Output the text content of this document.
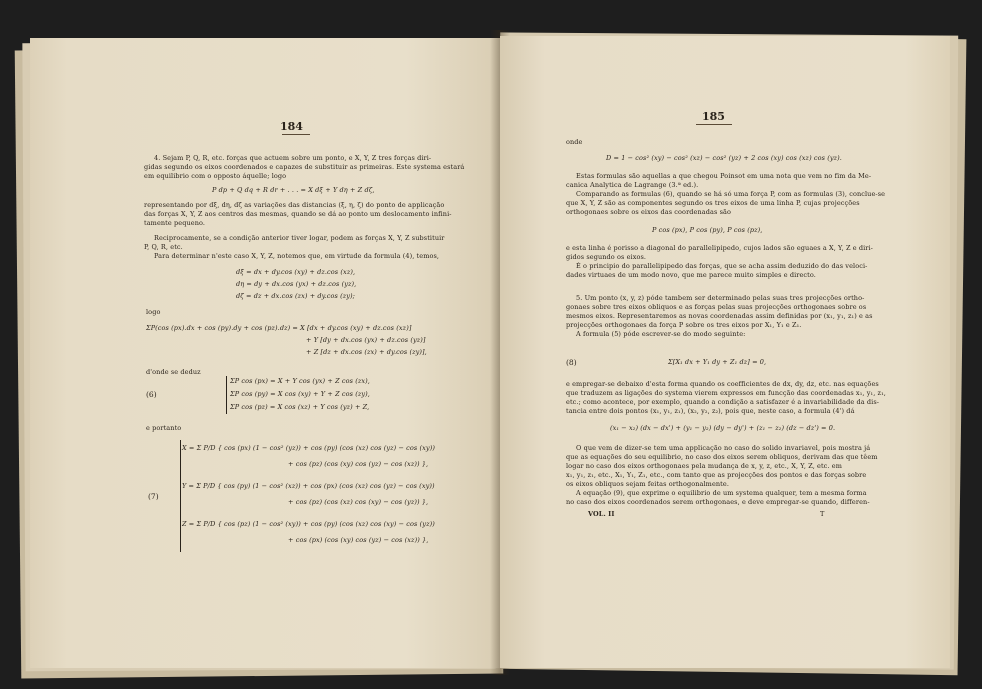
184
4. Sejam P, Q, R, etc. forças que actuem sobre um ponto, e X, Y, Z tres forças diri-
gidas segundo os eixos coordenados e capazes de substituir as primeiras. Este systema estará
em equilibrio com o opposto áquelle; logo
P dp + Q dq + R dr + . . . = X dξ + Y dη + Z dζ,
representando por dξ, dη, dζ as variações das distancias (ξ, η, ζ) do ponto de applicação
das forças X, Y, Z aos centros das mesmas, quando se dá ao ponto um deslocamento infini-
tamente pequeno.
Reciprocamente, se a condição anterior tiver logar, podem as forças X, Y, Z substituir
P, Q, R, etc.
Para determinar n'este caso X, Y, Z, notemos que, em virtude da formula (4), temos,
dξ = dx + dy.cos (xy) + dz.cos (xz),
dη = dy + dx.cos (yx) + dz.cos (yz),
dζ = dz + dx.cos (zx) + dy.cos (zy);
logo
ΣP(cos (px).dx + cos (py).dy + cos (pz).dz) = X [dx + dy.cos (xy) + dz.cos (xz)]
+ Y [dy + dx.cos (yx) + dz.cos (yz)]
+ Z [dz + dx.cos (zx) + dy.cos (zy)],
d'onde se deduz
(6)
ΣP cos (px) = X + Y cos (yx) + Z cos (zx),
ΣP cos (py) = X cos (xy) + Y + Z cos (zy),
ΣP cos (pz) = X cos (xz) + Y cos (yz) + Z,
e portanto
(7)
X = Σ P/D { cos (px) (1 − cos² (yz)) + cos (py) (cos (xz) cos (yz) − cos (xy))
+ cos (pz) (cos (xy) cos (yz) − cos (xz)) },
Y = Σ P/D { cos (py) (1 − cos² (xz)) + cos (px) (cos (xz) cos (yz) − cos (xy))
+ cos (pz) (cos (xz) cos (xy) − cos (yz)) },
Z = Σ P/D { cos (pz) (1 − cos² (xy)) + cos (py) (cos (xz) cos (xy) − cos (yz))
+ cos (px) (cos (xy) cos (yz) − cos (xz)) },
185
onde
D = 1 − cos² (xy) − cos² (xz) − cos² (yz) + 2 cos (xy) cos (xz) cos (yz).
Estas formulas são aquellas a que chegou Poinsot em uma nota que vem no fim da Me-
canica Analytica de Lagrange (3.ª ed.).
Comparando as formulas (6), quando se há só uma força P, com as formulas (3), conclue-se
que X, Y, Z são as componentes segundo os tres eixos de uma linha P, cujas projecções
orthogonaes sobre os eixos das coordenadas são
P cos (px), P cos (py), P cos (pz),
e esta linha é porisso a diagonal do parallelipipedo, cujos lados são eguaes a X, Y, Z e diri-
gidos segundo os eixos.
É o principio do parallelipipedo das forças, que se acha assim deduzido do das veloci-
dades virtuaes de um modo novo, que me parece muito simples e directo.
5. Um ponto (x, y, z) póde tambem ser determinado pelas suas tres projecções ortho-
gonaes sobre tres eixos obliquos e as forças pelas suas projecções orthogonaes sobre os
mesmos eixos. Representaremos as novas coordenadas assim definidas por (x₁, y₁, z₁) e as
projecções orthogonaes da força P sobre os tres eixos por X₁, Y₁ e Z₁.
A formula (5) póde escrever-se do modo seguinte:
(8)	Σ[X₁ dx + Y₁ dy + Z₁ dz] = 0,
e empregar-se debaixo d'esta forma quando os coefficientes de dx, dy, dz, etc. nas equações
que traduzem as ligações do systema vierem expressos em funcção das coordenadas x₁, y₁, z₁,
etc.; como acontece, por exemplo, quando a condição a satisfazer é a invariabilidade da dis-
tancia entre dois pontos (x₁, y₁, z₁), (x₂, y₂, z₂), pois que, neste caso, a formula (4') dá
(x₁ − x₂) (dx − dx') + (y₁ − y₂) (dy − dy') + (z₁ − z₂) (dz − dz') = 0.
O que vem de dizer-se tem uma applicação no caso do solido invariavel, pois mostra já
que as equações do seu equilibrio, no caso dos eixos serem obliquos, derivam das que têem
logar no caso dos eixos orthogonaes pela mudança de x, y, z, etc., X, Y, Z, etc. em
x₁, y₁, z₁, etc., X₁, Y₁, Z₁, etc., com tanto que as projecções dos pontos e das forças sobre
os eixos obliquos sejam feitas orthogonalmente.
A equação (9), que exprime o equilibrio de um systema qualquer, tem a mesma forma
no caso dos eixos coordenados serem orthogonaes, e deve empregar-se quando, differen-
VOL. II	T
